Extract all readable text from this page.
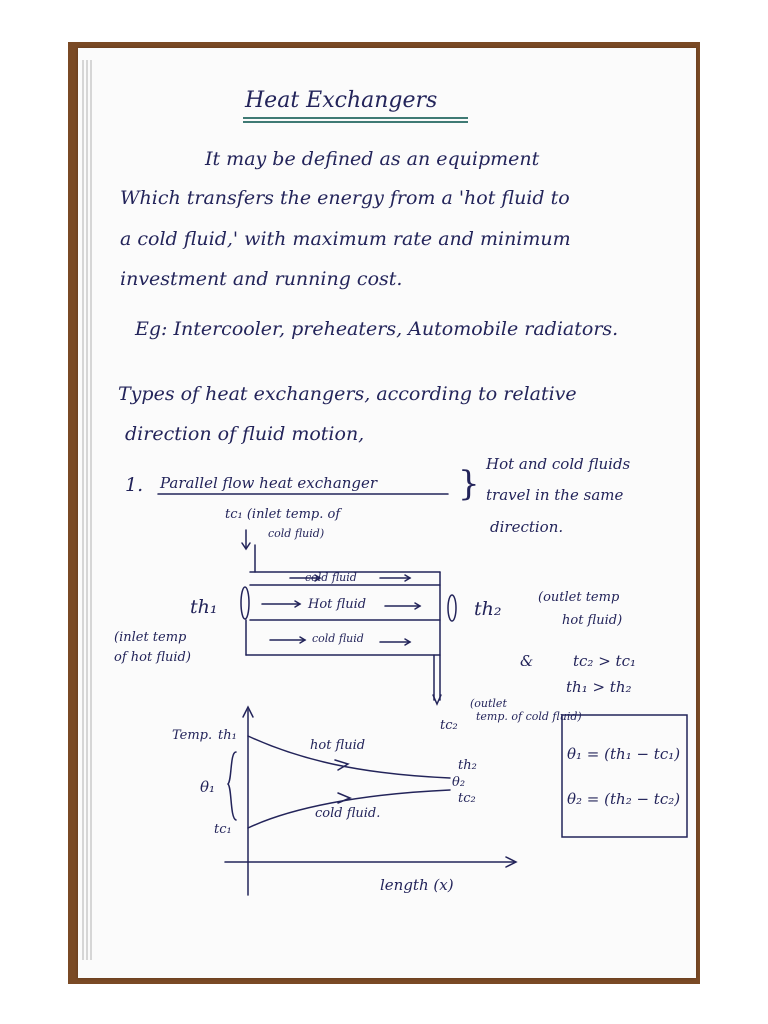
Heat Exchangers
It may be defined as an equipment
Which transfers the energy from a 'hot fluid to
a cold fluid,' with maximum rate and minimum
investment and running cost.
Eg: Intercooler, preheaters, Automobile radiators.
Types of heat exchangers, according to relative
direction of fluid motion,
1. Parallel flow heat exchanger } Hot and cold fluids
travel in the same
direction.
tc₁ (inlet temp. of
cold fluid)
cold fluid
Hot fluid
cold fluid
th₁
(inlet temp
of hot fluid)
th₂
(outlet temp
hot fluid)
&	tc₂ > tc₁
th₁ > th₂
tc₂
(outlet
temp. of cold fluid)
Temp. th₁
θ₁
tc₁
hot fluid
cold fluid.
th₂
θ₂
tc₂
length (x)
θ₁ = (th₁ − tc₁)
θ₂ = (th₂ − tc₂)
